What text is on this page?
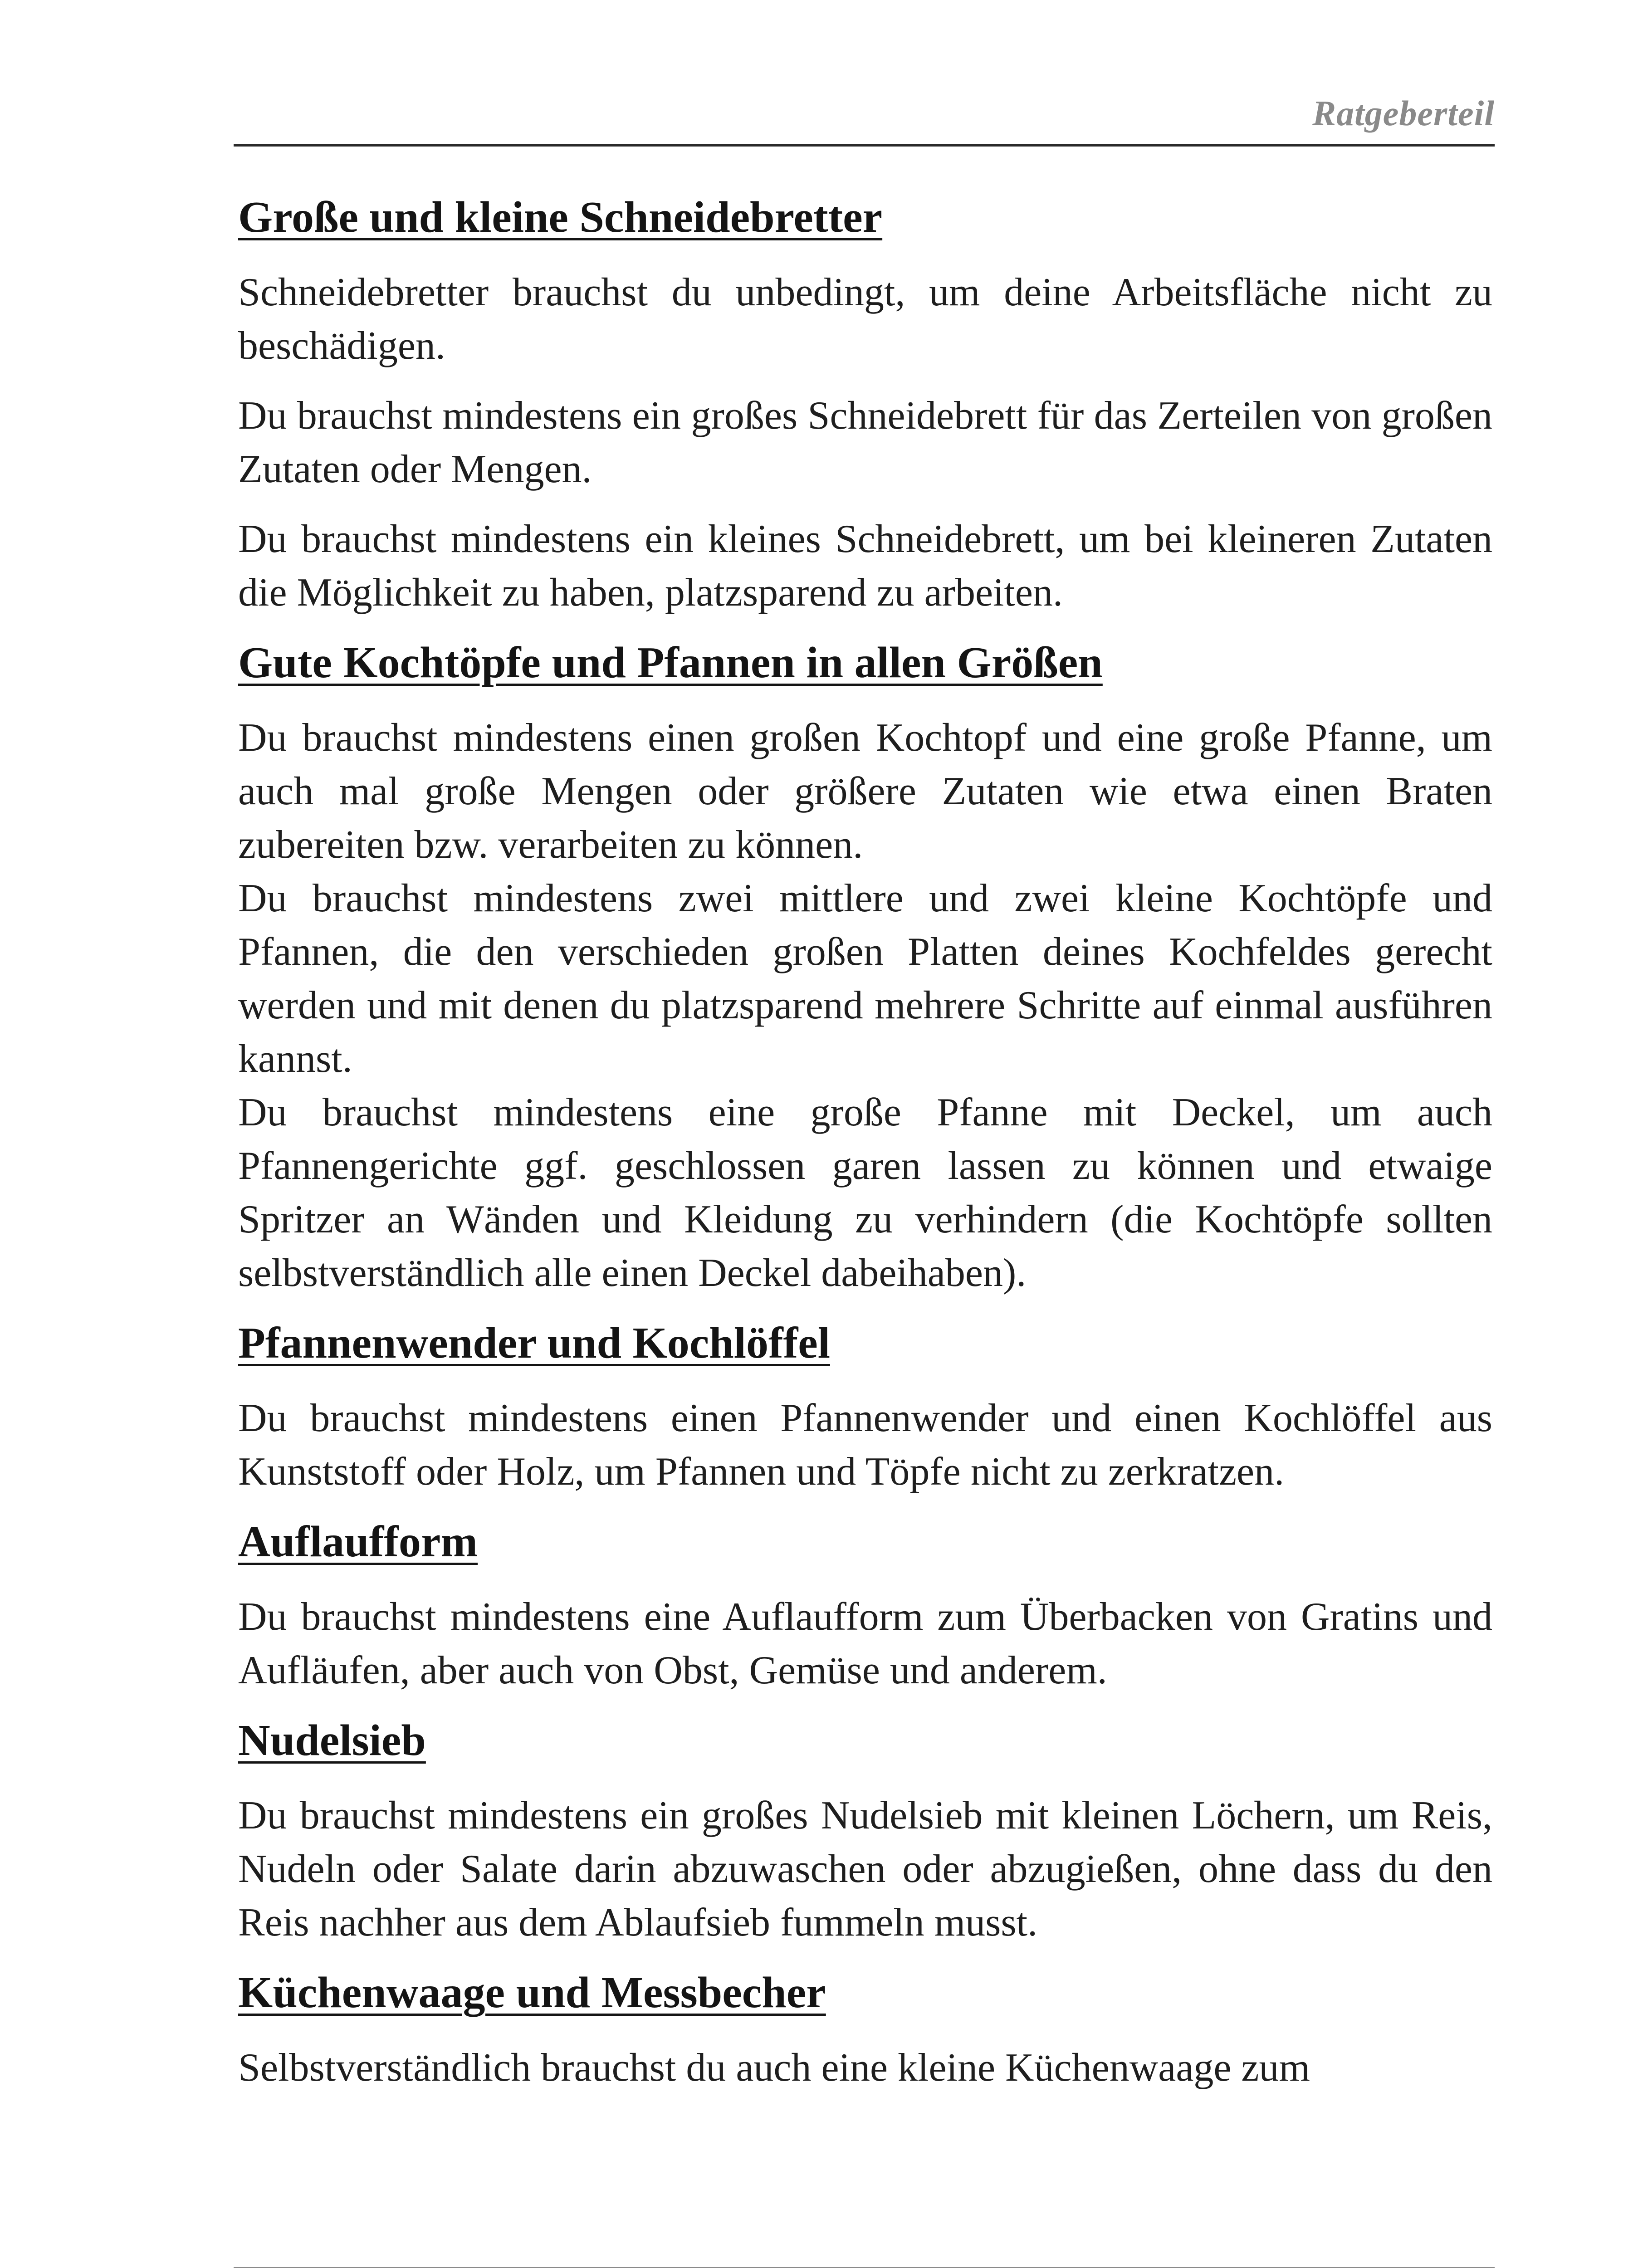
Ratgeberteil
Große und kleine Schneidebretter

Schneidebretter brauchst du unbedingt, um deine Arbeitsfläche nicht zu beschädigen.

Du brauchst mindestens ein großes Schneidebrett für das Zerteilen von großen Zutaten oder Mengen.

Du brauchst mindestens ein kleines Schneidebrett, um bei kleineren Zutaten die Möglichkeit zu haben, platzsparend zu arbeiten.

Gute Kochtöpfe und Pfannen in allen Größen

Du brauchst mindestens einen großen Kochtopf und eine große Pfanne, um auch mal große Mengen oder größere Zutaten wie etwa einen Braten zubereiten bzw. verarbeiten zu können.

Du brauchst mindestens zwei mittlere und zwei kleine Kochtöpfe und Pfannen, die den verschieden großen Platten deines Kochfeldes gerecht werden und mit denen du platzsparend mehrere Schritte auf einmal ausführen kannst.

Du brauchst mindestens eine große Pfanne mit Deckel, um auch Pfannengerichte ggf. geschlossen garen lassen zu können und etwaige Spritzer an Wänden und Kleidung zu verhindern (die Kochtöpfe sollten selbstverständlich alle einen Deckel dabeihaben).

Pfannenwender und Kochlöffel

Du brauchst mindestens einen Pfannenwender und einen Kochlöffel aus Kunststoff oder Holz, um Pfannen und Töpfe nicht zu zerkratzen.

Auflaufform

Du brauchst mindestens eine Auflaufform zum Überbacken von Gratins und Aufläufen, aber auch von Obst, Gemüse und anderem.

Nudelsieb

Du brauchst mindestens ein großes Nudelsieb mit kleinen Löchern, um Reis, Nudeln oder Salate darin abzuwaschen oder abzugießen, ohne dass du den Reis nachher aus dem Ablaufsieb fummeln musst.

Küchenwaage und Messbecher

Selbstverständlich brauchst du auch eine kleine Küchenwaage zum
